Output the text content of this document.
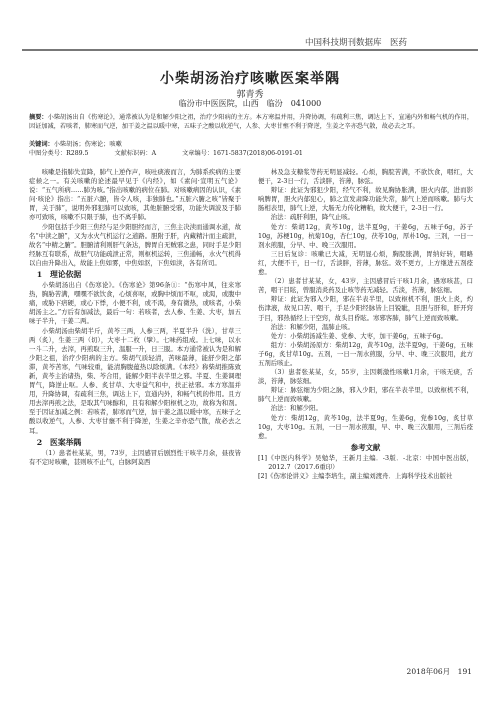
中国科技期刊数据库　医药
小柴胡汤治疗咳嗽医案举隅
郭青秀
临汾市中医医院，山西　临汾　041000
摘要：小柴胡汤出自《伤寒论》，通常被认为是和解少阳之祖，治疗少阳病的主方。本方寒温并用，升降协调，有疏利三焦，调达上下，宣通内外和畅气机的作用，因证加减，若咳者，肺寒而气逆，加干姜之温以暖中寒，五味子之酸以收逆气，人参、大枣甘壅不利于降逆，生姜之辛亦恐气散，故必去之耳。
关键词：小柴胡汤；伤寒论；咳嗽
中图分类号：R289.5	文献标识码：A	文章编号：1671-5837(2018)06-0191-01

咳嗽是指肺失宣降，肺气上逆作声，咳吐痰液而言，为肺系疾病的主要症候之一。有关咳嗽的论述最早见于《内经》，如《素问·宣明五气论》说：“五气所病……肺为咳。”指出咳嗽的病位在肺。对咳嗽病因的认识，《素问·咳论》指出：“五脏六腑，皆令人咳，非独肺也。”五脏六腑之咳“皆聚于胃，关于肺”，说明外邪犯肺可以致咳，其他脏腑受邪，功能失调波及于肺亦可致咳，咳嗽不只限于肺，也不离乎肺。

少阳包括手少阳三焦经与足少阳胆经而言，三焦主决渎而通调水道，故名“中渎之腑”，又为水火气机运行之道路。胆附于肝，内藏精汁而主疏泄，故名“中精之腑”。胆腑清利则肝气条达，脾胃自无贼邪之患，同时手足少阳经脉互有联系，故胆气功能疏泄正常，则枢机运转，三焦通畅，水火气机得以自由升降出入，故能上焦如雾，中焦如沤，下焦如渎，各有所司。

1　理论依据

小柴胡汤出自《伤寒论》。《伤寒论》第96条①：“伤寒中风，往来寒热，胸胁苦满，嘿嘿不欲饮食，心烦喜呕，或胸中烦而不呕，或渴，或腹中痛，或胁下痞硬，或心下悸，小便不利，或不渴，身有微热，或咳者，小柴胡汤主之。”方后有加减法，最后一句：若咳者，去人参、生姜、大枣，加五味子半升，干姜二两。

小柴胡汤由柴胡半斤，黄芩三两，人参三两，半夏半升（洗），甘草三两（炙），生姜三两（切），大枣十二枚（擘）。七味药组成。上七味，以水一斗二升，去滓，再煎取三升，温服一升，日三服。本方通常被认为是和解少阳之祖，治疗少阳病的主方。柴胡气质轻清，苦味最薄，能舒少阳之郁滞，黄芩苦寒，气味较重，能清胸腹蕴热以除烦满。《本经》称柴胡推陈致新，黄芩主治诸热，柴、芩合用，能解少阳半表半里之邪。半夏、生姜调理胃气，降逆止呕。人参、炙甘草、大枣益气和中，扶正祛邪。本方寒温并用，升降协调，有疏利三焦，调达上下，宣通内外，和畅气机的作用。且方用去滓再煎之法，是取其气味醇和，且有和解少阳枢机之功，故称为和剂。至于因证加减之例：若咳者，肺寒而气逆，加干姜之温以暖中寒，五味子之酸以收逆气，人参、大枣甘壅不利于降逆，生姜之辛亦恐气散，故必去之耳。

2　医案举隅

（1）患者杜某某，男，73岁，主因感冒后剧烈性干咳半月余，昼夜皆有不定时咳嗽，甚则咳不止气，白脉阿莫西

林及急支糖浆等药无明显减轻。心烦，胸脘苦满，不欲饮食，咽红，大便干，2-3日一行，舌淡胖，苔薄，脉弦。

辩证：此证为邪犯少阳，经气不利，故见胸协胀满，胆火内郁，进而影响脾胃，胆火内郁犯心，肺之宣发肃降功能失常，肺气上逆而咳嗽。肺与大肠相表里，肺气上逆，大肠无力传化糟粕，故大便干，2-3日一行。

治法：疏肝利胆，降气止咳。

处方：柴胡12g，黄芩10g，法半夏9g，干姜6g，五味子6g，苏子10g，苏梗10g，杭菊10g，杏仁10g，茯苓10g，厚朴10g。三剂，一日一剂水煎服，分早、中、晚三次服用。

三日后复诊：咳嗽已大减，无明显心烦，胸脘胀满，胃纳好转，咽略红，大便不干，日一行，舌淡胖，苔薄，脉弦。效不更方，上方继进五剂痊愈。

（2）患者甘某某，女，43岁，主因感冒后干咳1月余，遇寒咳甚，口苦，咽干目眩，曾服消炎药及止咳等药无减轻。舌淡，苔薄，脉弦细。

辩证：此证为邪入少阳，邪在半表半里，以致枢机不利，胆火上炎，灼伤津液，故见口苦、咽干，手足少阳经脉皆上目锐眦，且胆与肝和，肝开窍于目，邪热循经上干空窍，故头目昏眩。寒邪客肺，肺气上逆而致咳嗽。

治法：和解少阳，温肺止咳。

处方：小柴胡汤减生姜、党参、大枣，加干姜6g，五味子6g。

组方：小柴胡汤原方：柴胡12g，黄芩10g，法半夏9g，干姜6g，五味子6g，炙甘草10g。五剂，一日一剂水煎服，分早、中、晚三次服用，此方五剂后咳止。

（3）患者张某某，女，55岁，主因刺激性咳嗽1月余，干咳无痰，舌淡，苔薄，脉弦细。

辩证：脉弦细为少阳之脉，邪入少阳，邪在半表半里，以致枢机不利，肺气上逆而致咳嗽。

治法：和解少阳。

处方：柴胡12g，黄芩10g，法半夏9g，生姜6g，党参10g，炙甘草10g，大枣10g。五剂，一日一剂水煎服，早、中、晚三次服用，三剂后痊愈。

参考文献

[1]《中医内科学》吴勉华，王新月主编．-3版．-北京：中国中医出版，2012.7（2017.6重印）

[2]《伤寒论讲义》主编李培生，副主编刘渡舟．上海科学技术出版社

2018年06月　191
